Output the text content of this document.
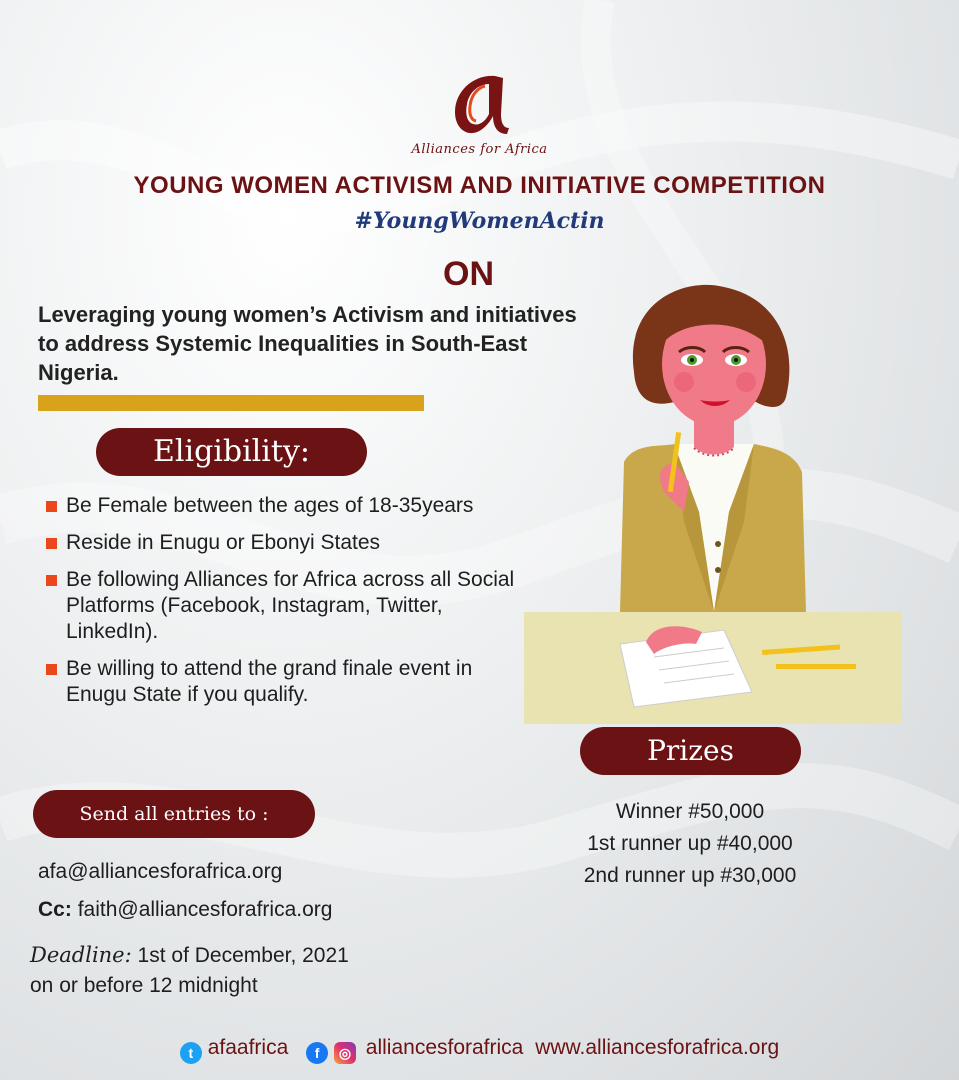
Alliances for Africa
YOUNG WOMEN ACTIVISM AND INITIATIVE COMPETITION
#YoungWomenActin
ON
Leveraging young women’s Activism and initiatives to address Systemic Inequalities in South-East Nigeria.
Eligibility:
Be Female between the ages of 18-35years
Reside in Enugu or Ebonyi States
Be following Alliances for Africa across all Social Platforms (Facebook, Instagram, Twitter, LinkedIn).
Be willing to attend the grand finale event in Enugu State if you qualify.
Prizes
Winner #50,000
1st runner up #40,000
2nd runner up #30,000
Send all entries to :
afa@alliancesforafrica.org
Cc: faith@alliancesforafrica.org
Deadline: 1st of December, 2021
on or before 12 midnight
t afaafrica f ◎ alliancesforafrica www.alliancesforafrica.org
